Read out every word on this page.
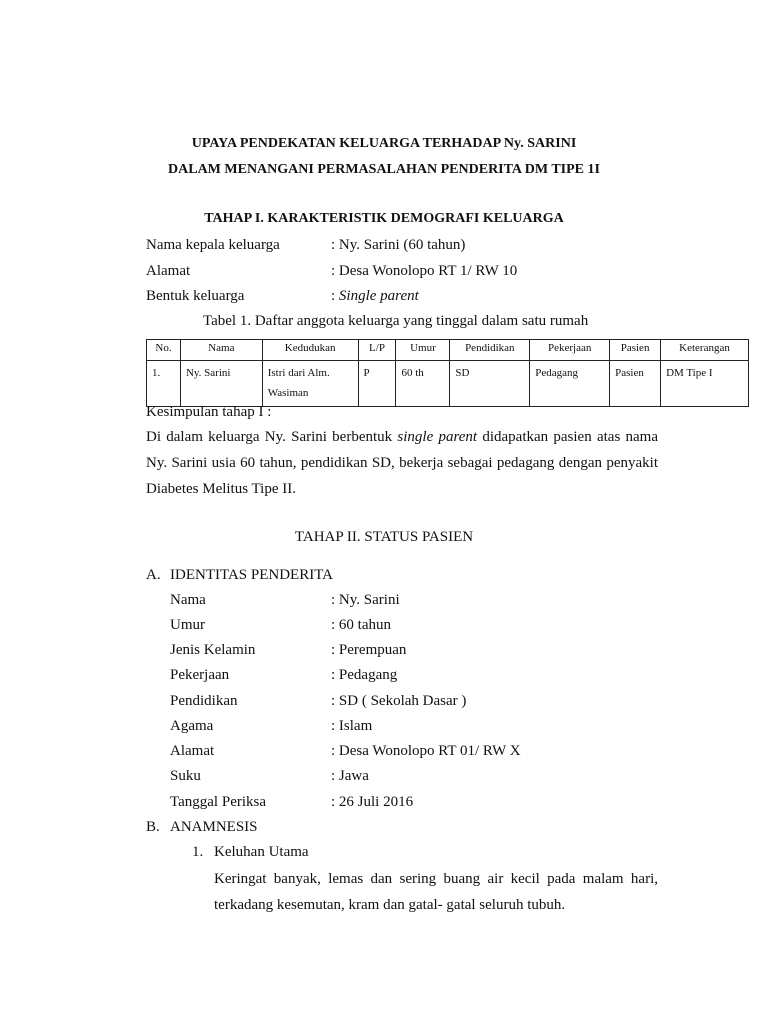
UPAYA PENDEKATAN KELUARGA TERHADAP Ny. SARINI
DALAM MENANGANI PERMASALAHAN PENDERITA DM TIPE 1I
TAHAP I. KARAKTERISTIK DEMOGRAFI KELUARGA
Nama kepala keluarga	: Ny. Sarini (60 tahun)
Alamat	: Desa Wonolopo RT 1/ RW 10
Bentuk keluarga	: Single parent
Tabel 1. Daftar anggota keluarga yang tinggal dalam satu rumah
No.	Nama	Kedudukan	L/P	Umur	Pendidikan	Pekerjaan	Pasien	Keterangan
1.	Ny. Sarini	Istri dari Alm. Wasiman	P	60 th	SD	Pedagang	Pasien	DM Tipe I
Kesimpulan tahap I :
Di dalam keluarga Ny. Sarini berbentuk single parent didapatkan pasien atas nama Ny. Sarini usia 60 tahun, pendidikan SD, bekerja sebagai pedagang dengan penyakit Diabetes Melitus Tipe II.
TAHAP II. STATUS PASIEN
A. IDENTITAS PENDERITA
Nama	: Ny. Sarini
Umur	: 60 tahun
Jenis Kelamin	: Perempuan
Pekerjaan	: Pedagang
Pendidikan	: SD ( Sekolah Dasar )
Agama	: Islam
Alamat	: Desa Wonolopo RT 01/ RW X
Suku	: Jawa
Tanggal Periksa	: 26 Juli 2016
B. ANAMNESIS
1. Keluhan Utama
Keringat banyak, lemas dan sering buang air kecil pada malam hari, terkadang kesemutan, kram dan gatal- gatal seluruh tubuh.
